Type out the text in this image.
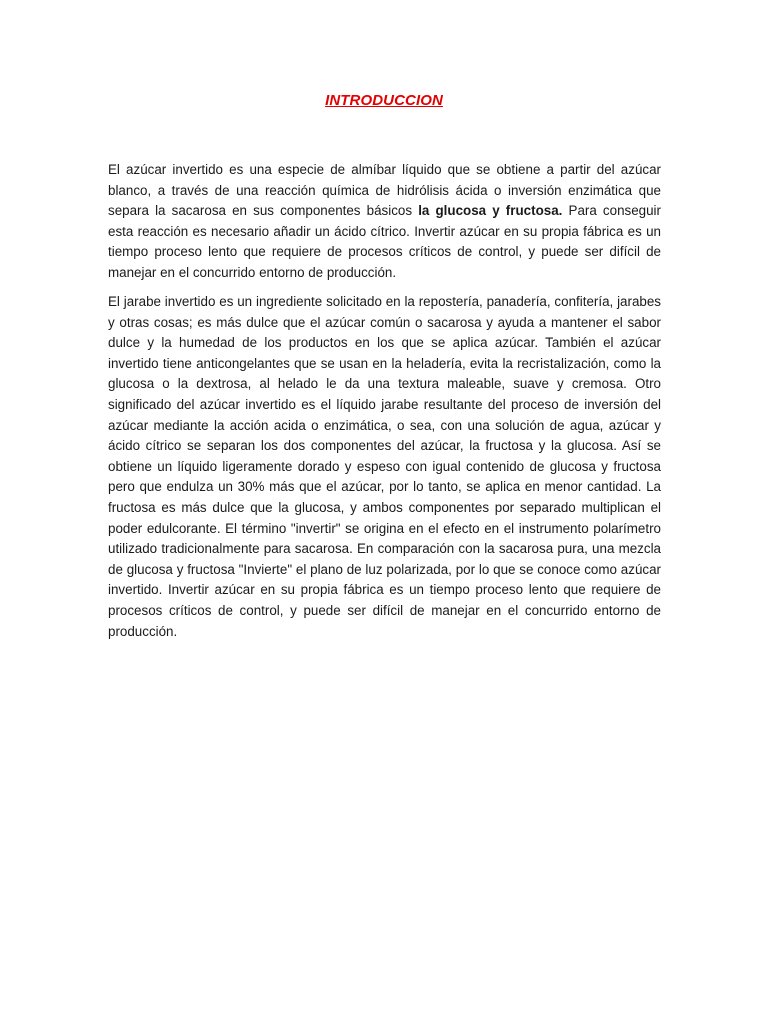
INTRODUCCION

El azúcar invertido es una especie de almíbar líquido que se obtiene a partir del azúcar blanco, a través de una reacción química de hidrólisis ácida o inversión enzimática que separa la sacarosa en sus componentes básicos la glucosa y fructosa. Para conseguir esta reacción es necesario añadir un ácido cítrico. Invertir azúcar en su propia fábrica es un tiempo proceso lento que requiere de procesos críticos de control, y puede ser difícil de manejar en el concurrido entorno de producción.

El jarabe invertido es un ingrediente solicitado en la repostería, panadería, confitería, jarabes y otras cosas; es más dulce que el azúcar común o sacarosa y ayuda a mantener el sabor dulce y la humedad de los productos en los que se aplica azúcar. También el azúcar invertido tiene anticongelantes que se usan en la heladería, evita la recristalización, como la glucosa o la dextrosa, al helado le da una textura maleable, suave y cremosa. Otro significado del azúcar invertido es el líquido jarabe resultante del proceso de inversión del azúcar mediante la acción acida o enzimática, o sea, con una solución de agua, azúcar y ácido cítrico se separan los dos componentes del azúcar, la fructosa y la glucosa. Así se obtiene un líquido ligeramente dorado y espeso con igual contenido de glucosa y fructosa pero que endulza un 30% más que el azúcar, por lo tanto, se aplica en menor cantidad. La fructosa es más dulce que la glucosa, y ambos componentes por separado multiplican el poder edulcorante. El término "invertir" se origina en el efecto en el instrumento polarímetro utilizado tradicionalmente para sacarosa. En comparación con la sacarosa pura, una mezcla de glucosa y fructosa "Invierte" el plano de luz polarizada, por lo que se conoce como azúcar invertido. Invertir azúcar en su propia fábrica es un tiempo proceso lento que requiere de procesos críticos de control, y puede ser difícil de manejar en el concurrido entorno de producción.
